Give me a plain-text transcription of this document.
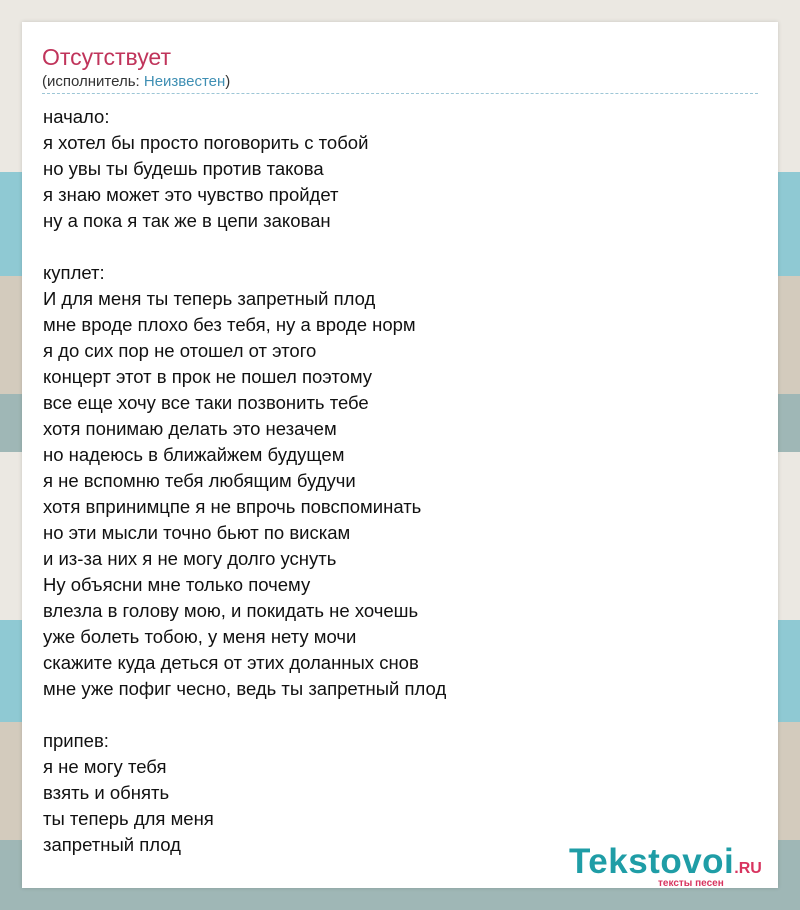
Отсутствует
(исполнитель: Неизвестен)
начало:
я хотел бы просто поговорить с тобой
но увы ты будешь против такова
я знаю может это чувство пройдет
ну а пока я так же в цепи закован
куплет:
И для меня ты теперь запретный плод
мне вроде плохо без тебя, ну а вроде норм
я до сих пор не отошел от этого
концерт этот в прок не пошел поэтому
все еще хочу все таки позвонить тебе
хотя понимаю делать это незачем
но надеюсь в ближайжем будущем
я не вспомню тебя любящим будучи
хотя впринимцпе я не впрочь повспоминать
но эти мысли точно бьют по вискам
и из-за них я не могу долго уснуть
Ну объясни мне только почему
влезла в голову мою, и покидать не хочешь
уже болеть тобою, у меня нету мочи
скажите куда деться от этих доланных снов
мне уже пофиг чесно, ведь ты запретный плод
припев:
я не могу тебя
взять и обнять
ты теперь для меня
запретный плод	Tekstovoi.RU
тексты песен
